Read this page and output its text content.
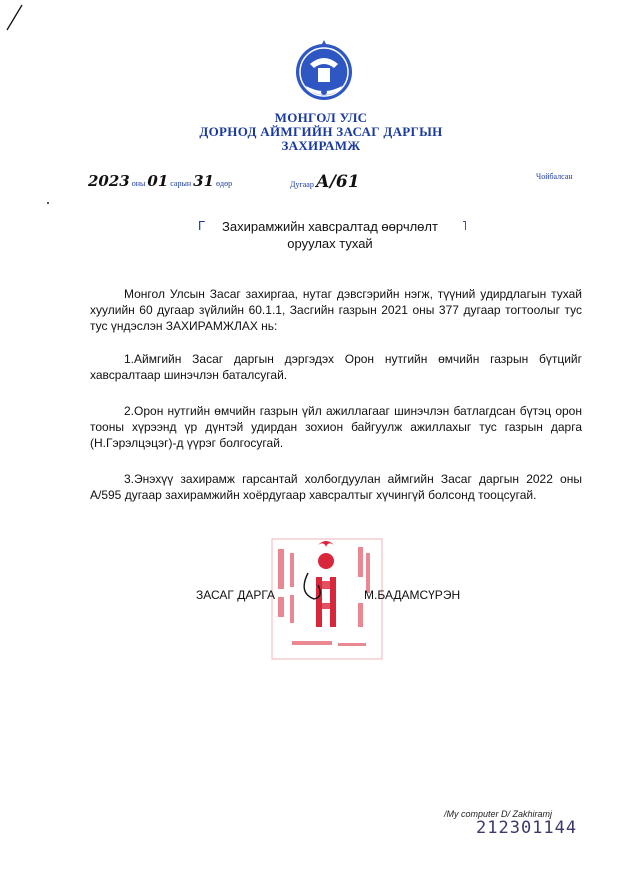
МОНГОЛ УЛС
ДОРНОД АЙМГИЙН ЗАСАГ ДАРГЫН
ЗАХИРАМЖ
2023 оны 01 сарын 31 өдөр	Дугаар А/61	Чойбалсан
Г	˥
Захирамжийн хавсралтад өөрчлөлт
оруулах тухай
Монгол Улсын Засаг захиргаа, нутаг дэвсгэрийн нэгж, түүний удирдлагын тухай хуулийн 60 дугаар зүйлийн 60.1.1, Засгийн газрын 2021 оны 377 дугаар тогтоолыг тус тус үндэслэн ЗАХИРАМЖЛАХ нь:
1.Аймгийн Засаг даргын дэргэдэх Орон нутгийн өмчийн газрын бүтцийг хавсралтаар шинэчлэн баталсугай.
2.Орон нутгийн өмчийн газрын үйл ажиллагааг шинэчлэн батлагдсан бүтэц орон тооны хүрээнд үр дүнтэй удирдан зохион байгуулж ажиллахыг тус газрын дарга (Н.Гэрэлцэцэг)-д үүрэг болгосугай.
3.Энэхүү захирамж гарсантай холбогдуулан аймгийн Засаг даргын 2022 оны А/595 дугаар захирамжийн хоёрдугаар хавсралтыг хүчингүй болсонд тооцсугай.
ЗАСАГ ДАРГА	М.БАДАМСҮРЭН
/My computer D/ Zakhiramj
212301144
